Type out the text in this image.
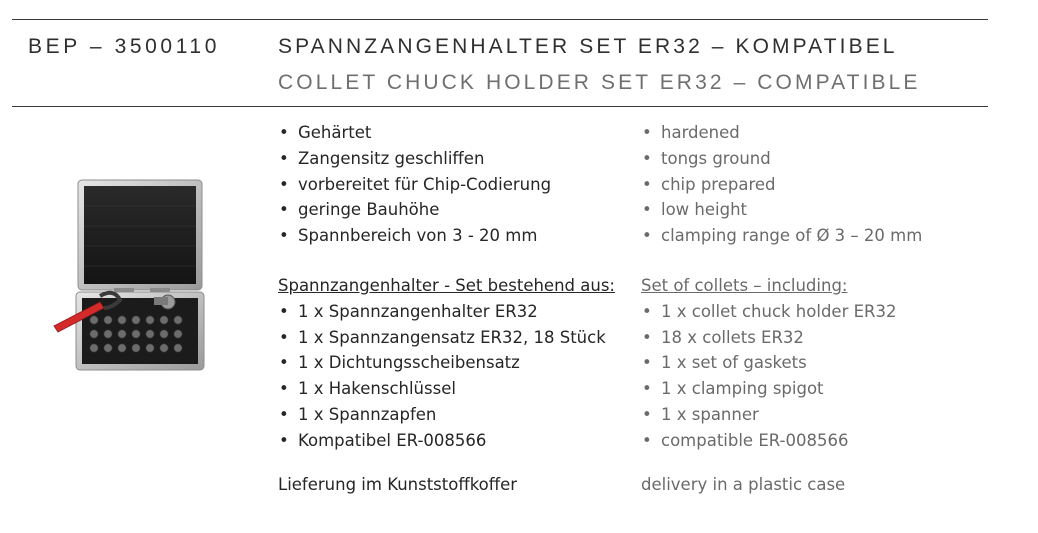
BEP – 3500110	SPANNZANGENHALTER SET ER32 – KOMPATIBEL
COLLET CHUCK HOLDER SET ER32 – COMPATIBLE
• Gehärtet
• Zangensitz geschliffen
• vorbereitet für Chip-Codierung
• geringe Bauhöhe
• Spannbereich von 3 - 20 mm
Spannzangenhalter - Set bestehend aus:
• 1 x Spannzangenhalter ER32
• 1 x Spannzangensatz ER32, 18 Stück
• 1 x Dichtungsscheibensatz
• 1 x Hakenschlüssel
• 1 x Spannzapfen
• Kompatibel ER-008566
Lieferung im Kunststoffkoffer
• hardened
• tongs ground
• chip prepared
• low height
• clamping range of Ø 3 – 20 mm
Set of collets – including:
• 1 x collet chuck holder ER32
• 18 x collets ER32
• 1 x set of gaskets
• 1 x clamping spigot
• 1 x spanner
• compatible ER-008566
delivery in a plastic case
